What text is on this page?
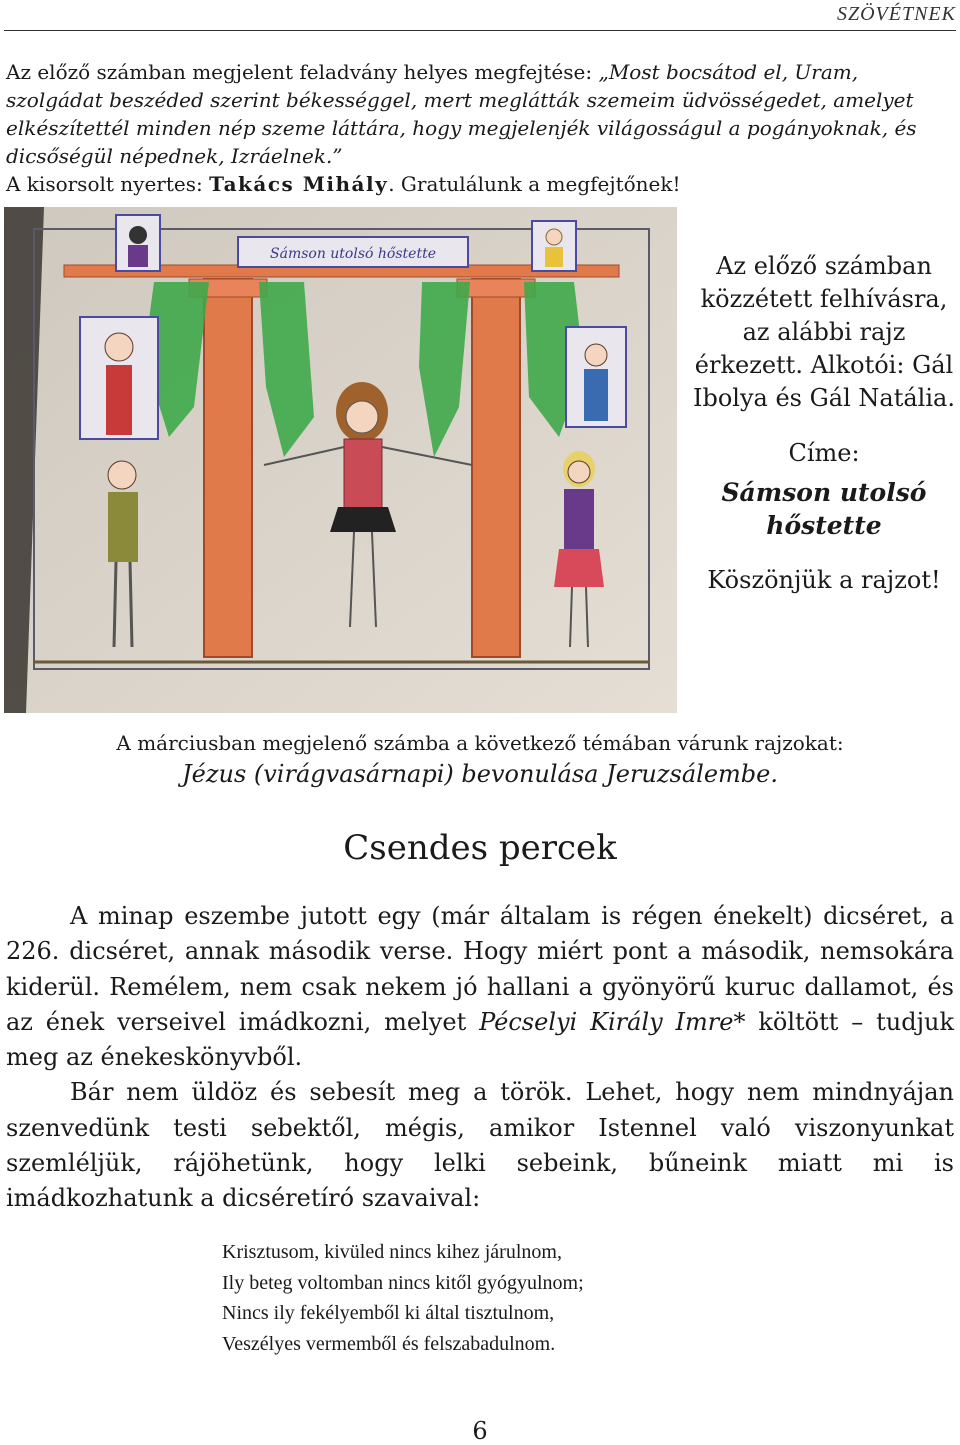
SZÖVÉTNEK
Az előző számban megjelent feladvány helyes megfejtése: „Most bocsátod el, Uram, szolgádat beszéded szerint békességgel, mert meglátták szemeim üdvösségedet, amelyet elkészítettél minden nép szeme láttára, hogy megjelenjék világosságul a pogányoknak, és dicsőségül népednek, Izráelnek.”
A kisorsolt nyertes: Takács Mihály. Gratulálunk a megfejtőnek!
Sámson utolsó hőstette	Az előző számban közzétett felhívásra, az alábbi rajz érkezett. Alkotói: Gál Ibolya és Gál Natália.

Címe:

Sámson utolsó hőstette

Köszönjük a rajzot!

A márciusban megjelenő számba a következő témában várunk rajzokat:
Jézus (virágvasárnapi) bevonulása Jeruzsálembe.
Csendes percek

A minap eszembe jutott egy (már általam is régen énekelt) dicséret, a 226. dicséret, annak második verse. Hogy miért pont a második, nemsokára kiderül. Remélem, nem csak nekem jó hallani a gyönyörű kuruc dallamot, és az ének verseivel imádkozni, melyet Pécselyi Király Imre* költött – tudjuk meg az énekeskönyvből.

Bár nem üldöz és sebesít meg a török. Lehet, hogy nem mindnyájan szenvedünk testi sebektől, mégis, amikor Istennel való viszonyunkat szemléljük, rájöhetünk, hogy lelki sebeink, bűneink miatt mi is imádkozhatunk a dicséretíró szavaival:

Krisztusom, kivüled nincs kihez járulnom,
Ily beteg voltomban nincs kitől gyógyulnom;
Nincs ily fekélyemből ki által tisztulnom,
Veszélyes vermemből és felszabadulnom.
6
